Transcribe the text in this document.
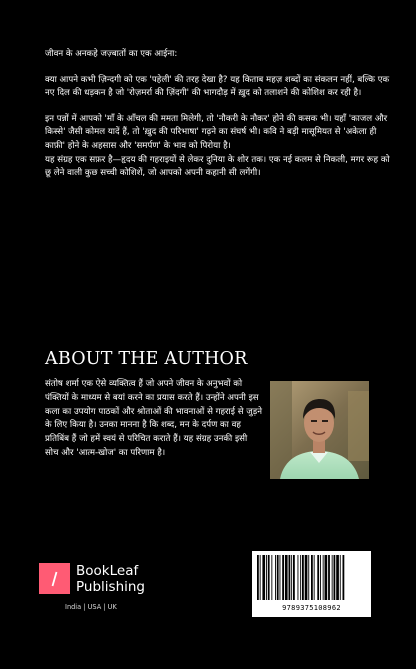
जीवन के अनकहे जज़्बातों का एक आईना:

क्या आपने कभी ज़िन्दगी को एक 'पहेली' की तरह देखा है? यह किताब महज़ शब्दों का संकलन नहीं, बल्कि एक नए दिल की धड़कन है जो 'रोज़मर्रा की ज़िंदगी' की भागदौड़ में ख़ुद को तलाशने की कोशिश कर रही है।

इन पन्नों में आपको 'माँ के आँचल की ममता मिलेगी, तो 'नौकरी के नौकर' होने की कसक भी। यहाँ 'काजल और किस्से' जैसी कोमल यादें हैं, तो 'ख़ुद की परिभाषा' गढ़ने का संघर्ष भी। कवि ने बड़ी मासूमियत से 'अकेला ही काफ़ी' होने के अहसास और 'समर्पण' के भाव को पिरोया है।

यह संग्रह एक सफ़र है—हृदय की गहराइयों से लेकर दुनिया के शोर तक। एक नई कलम से निकली, मगर रूह को छू लेने वाली कुछ सच्ची कोशिशें, जो आपको अपनी कहानी सी लगेंगी।

ABOUT THE AUTHOR
संतोष शर्मा एक ऐसे व्यक्तित्व हैं जो अपने जीवन के अनुभवों को पंक्तियों के माध्यम से बयां करने का प्रयास करते हैं। उन्होंने अपनी इस कला का उपयोग पाठकों और श्रोताओं की भावनाओं से गहराई से जुड़ने के लिए किया है। उनका मानना है कि शब्द, मन के दर्पण का वह प्रतिबिंब हैं जो हमें स्वयं से परिचित कराते हैं। यह संग्रह उनकी इसी सोच और 'आत्म-खोज' का परिणाम है।
BookLeaf
Publishing
India | USA | UK	9789375108962
